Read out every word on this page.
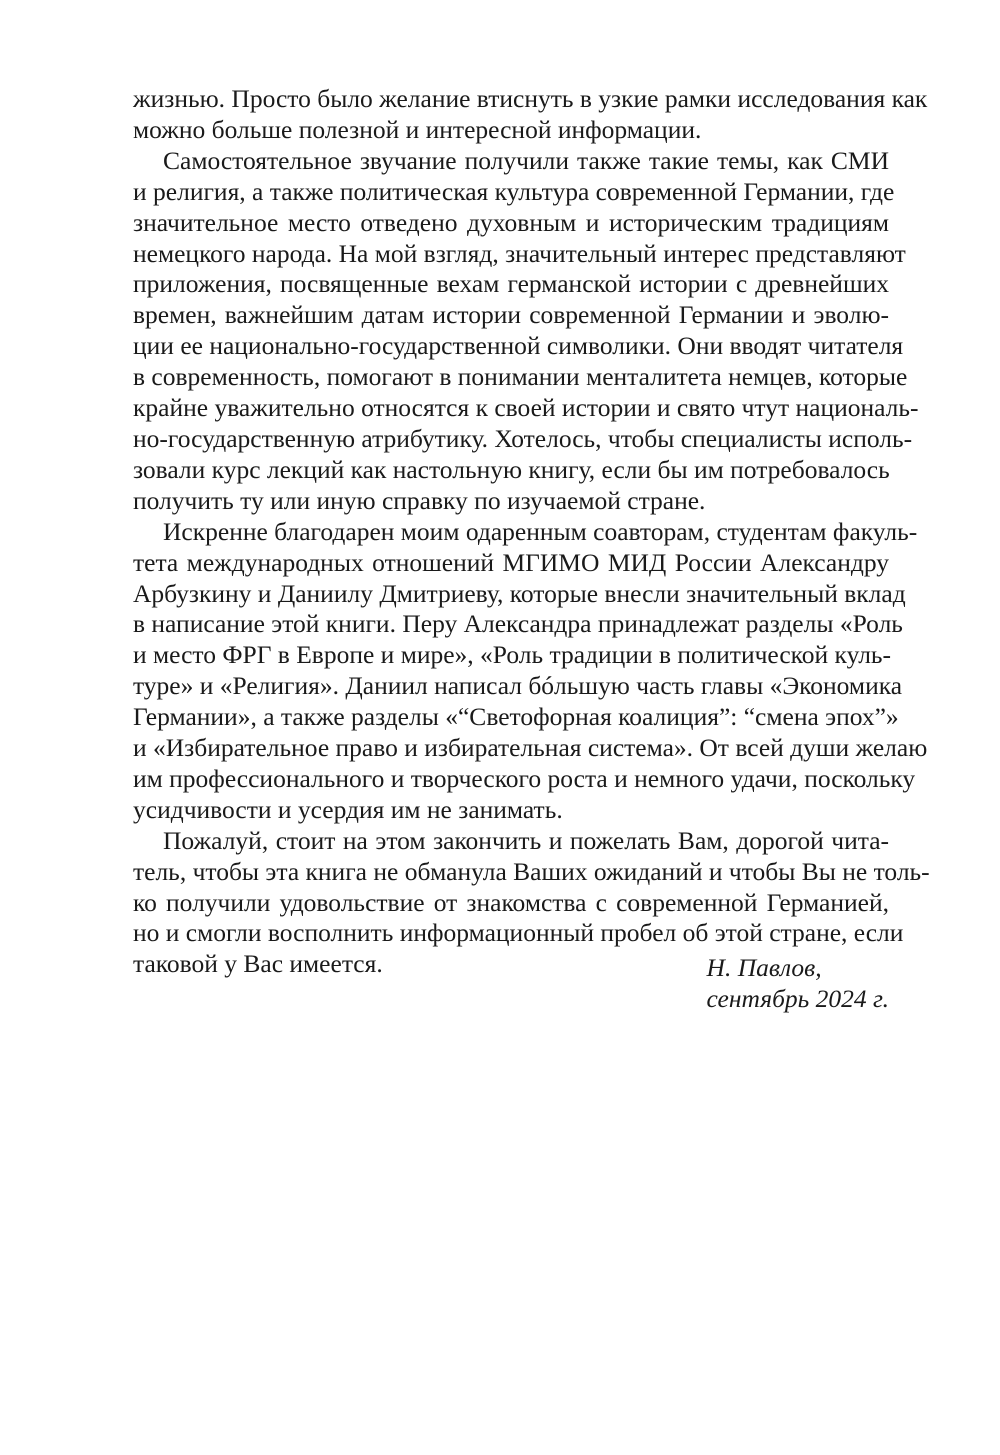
жизнью. Просто было желание втиснуть в узкие рамки исследования как
можно больше полезной и интересной информации.

Самостоятельное звучание получили также такие темы, как СМИ
и религия, а также политическая культура современной Германии, где
значительное место отведено духовным и историческим традициям
немецкого народа. На мой взгляд, значительный интерес представляют
приложения, посвященные вехам германской истории с древнейших
времен, важнейшим датам истории современной Германии и эволю-
ции ее национально-государственной символики. Они вводят читателя
в современность, помогают в понимании менталитета немцев, которые
крайне уважительно относятся к своей истории и свято чтут националь-
но-государственную атрибутику. Хотелось, чтобы специалисты исполь-
зовали курс лекций как настольную книгу, если бы им потребовалось
получить ту или иную справку по изучаемой стране.

Искренне благодарен моим одаренным соавторам, студентам факуль-
тета международных отношений МГИМО МИД России Александру
Арбузкину и Даниилу Дмитриеву, которые внесли значительный вклад
в написание этой книги. Перу Александра принадлежат разделы «Роль
и место ФРГ в Европе и мире», «Роль традиции в политической куль-
туре» и «Религия». Даниил написал бóльшую часть главы «Экономика
Германии», а также разделы «“Светофорная коалиция”: “смена эпох”»
и «Избирательное право и избирательная система». От всей души желаю
им профессионального и творческого роста и немного удачи, поскольку
усидчивости и усердия им не занимать.

Пожалуй, стоит на этом закончить и пожелать Вам, дорогой чита-
тель, чтобы эта книга не обманула Ваших ожиданий и чтобы Вы не толь-
ко получили удовольствие от знакомства с современной Германией,
но и смогли восполнить информационный пробел об этой стране, если
таковой у Вас имеется.	Н. Павлов,
сентябрь 2024 г.
